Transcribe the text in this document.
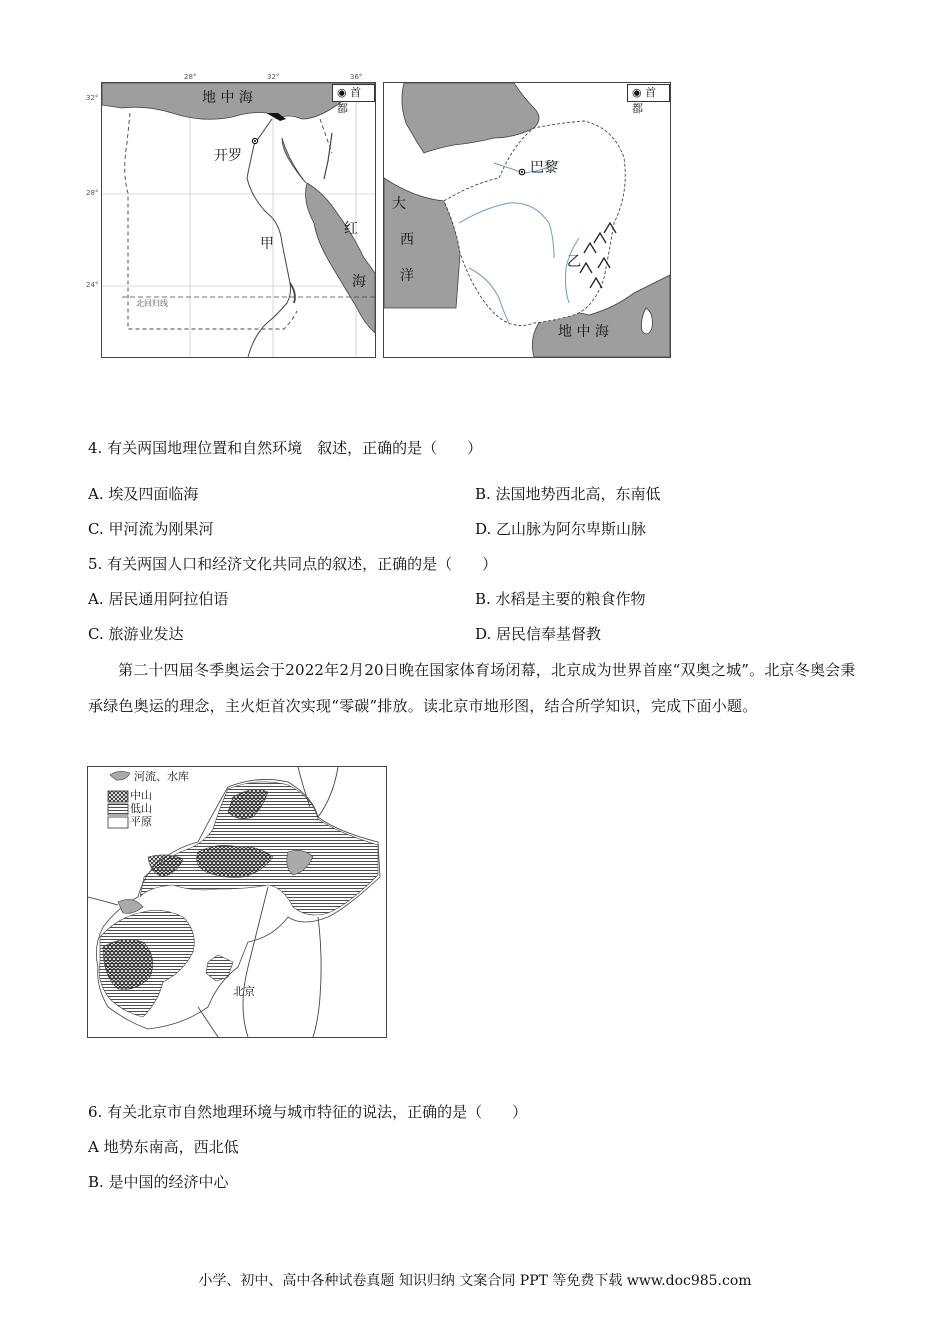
地 中 海	◉ 首都
开罗
甲
红
海
北回归线
28°	32°	36°
32°
28°
24°
◉ 首都
巴黎
大
西
洋
乙
地 中 海
4. 有关两国地理位置和自然环境　叙述，正确的是（　　）
A. 埃及四面临海	B. 法国地势西北高，东南低
C. 甲河流为刚果河	D. 乙山脉为阿尔卑斯山脉
5. 有关两国人口和经济文化共同点的叙述，正确的是（　　）
A. 居民通用阿拉伯语	B. 水稻是主要的粮食作物
C. 旅游业发达	D. 居民信奉基督教
第二十四届冬季奥运会于2022年2月20日晚在国家体育场闭幕，北京成为世界首座“双奥之城”。北京冬奥会秉承绿色奥运的理念，主火炬首次实现“零碳”排放。读北京市地形图，结合所学知识，完成下面小题。
河流、水库
中山
低山
平原
北京
6. 有关北京市自然地理环境与城市特征的说法，正确的是（　　）
A 地势东南高，西北低
B. 是中国的经济中心
小学、初中、高中各种试卷真题 知识归纳 文案合同 PPT 等免费下载 www.doc985.com
